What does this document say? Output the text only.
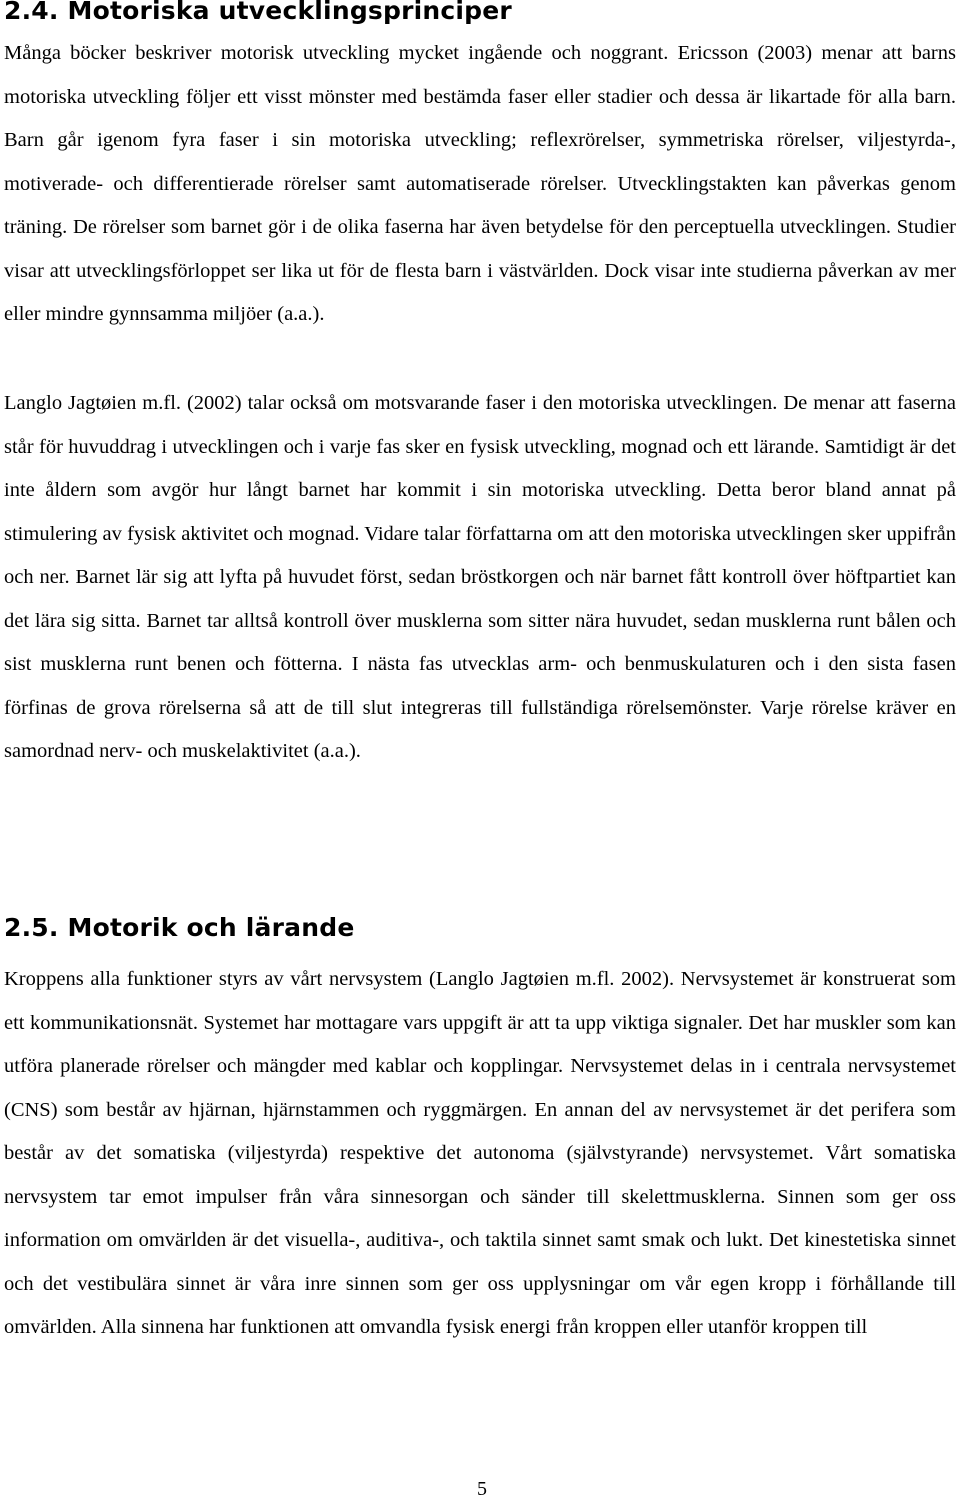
2.4. Motoriska utvecklingsprinciper

Många böcker beskriver motorisk utveckling mycket ingående och noggrant. Ericsson (2003) menar att barns motoriska utveckling följer ett visst mönster med bestämda faser eller stadier och dessa är likartade för alla barn. Barn går igenom fyra faser i sin motoriska utveckling; reflexrörelser, symmetriska rörelser, viljestyrda-, motiverade- och differentierade rörelser samt automatiserade rörelser. Utvecklingstakten kan påverkas genom träning. De rörelser som barnet gör i de olika faserna har även betydelse för den perceptuella utvecklingen. Studier visar att utvecklingsförloppet ser lika ut för de flesta barn i västvärlden. Dock visar inte studierna påverkan av mer eller mindre gynnsamma miljöer (a.a.).

Langlo Jagtøien m.fl. (2002) talar också om motsvarande faser i den motoriska utvecklingen. De menar att faserna står för huvuddrag i utvecklingen och i varje fas sker en fysisk utveckling, mognad och ett lärande. Samtidigt är det inte åldern som avgör hur långt barnet har kommit i sin motoriska utveckling. Detta beror bland annat på stimulering av fysisk aktivitet och mognad. Vidare talar författarna om att den motoriska utvecklingen sker uppifrån och ner. Barnet lär sig att lyfta på huvudet först, sedan bröstkorgen och när barnet fått kontroll över höftpartiet kan det lära sig sitta. Barnet tar alltså kontroll över musklerna som sitter nära huvudet, sedan musklerna runt bålen och sist musklerna runt benen och fötterna. I nästa fas utvecklas arm- och benmuskulaturen och i den sista fasen förfinas de grova rörelserna så att de till slut integreras till fullständiga rörelsemönster. Varje rörelse kräver en samordnad nerv- och muskelaktivitet (a.a.).

2.5. Motorik och lärande

Kroppens alla funktioner styrs av vårt nervsystem (Langlo Jagtøien m.fl. 2002). Nervsystemet är konstruerat som ett kommunikationsnät. Systemet har mottagare vars uppgift är att ta upp viktiga signaler. Det har muskler som kan utföra planerade rörelser och mängder med kablar och kopplingar. Nervsystemet delas in i centrala nervsystemet (CNS) som består av hjärnan, hjärnstammen och ryggmärgen. En annan del av nervsystemet är det perifera som består av det somatiska (viljestyrda) respektive det autonoma (självstyrande) nervsystemet. Vårt somatiska nervsystem tar emot impulser från våra sinnesorgan och sänder till skelettmusklerna. Sinnen som ger oss information om omvärlden är det visuella-, auditiva-, och taktila sinnet samt smak och lukt. Det kinestetiska sinnet och det vestibulära sinnet är våra inre sinnen som ger oss upplysningar om vår egen kropp i förhållande till omvärlden. Alla sinnena har funktionen att omvandla fysisk energi från kroppen eller utanför kroppen till

5
